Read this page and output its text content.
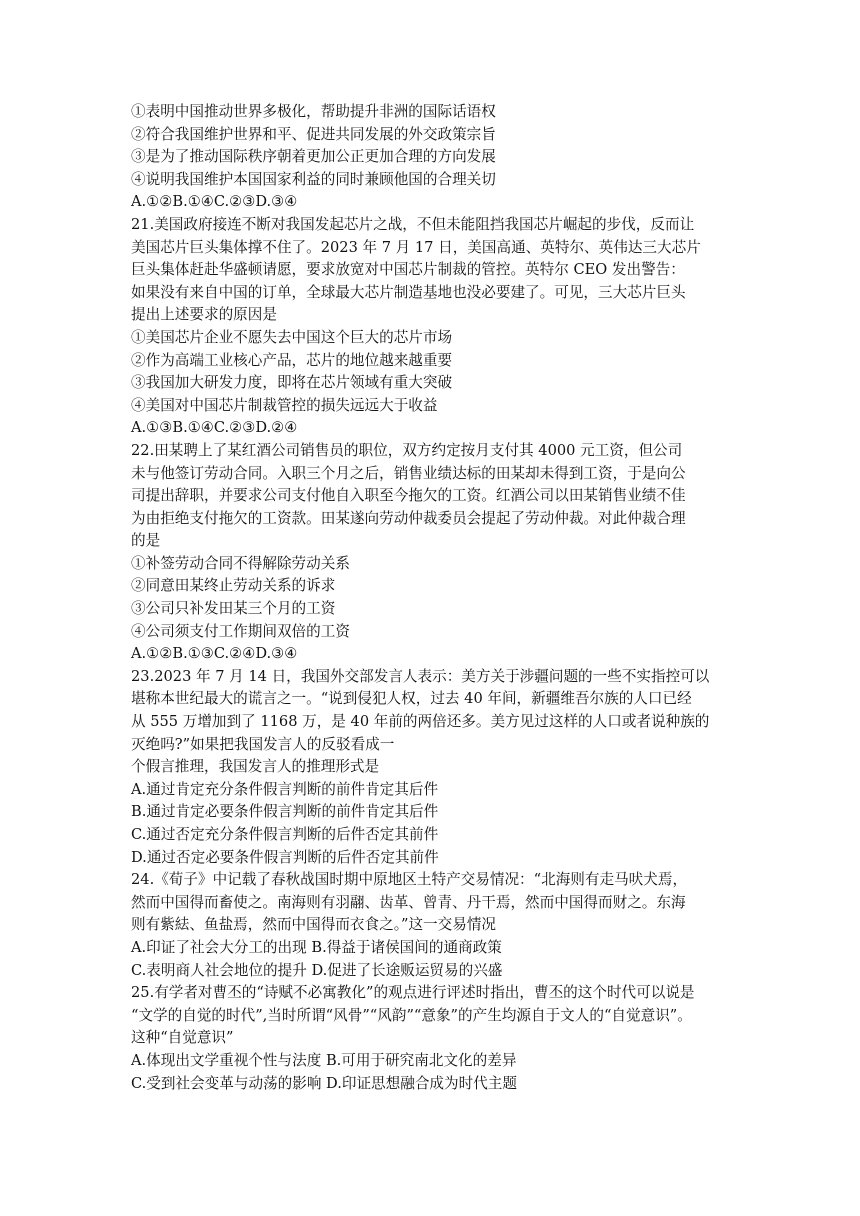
①表明中国推动世界多极化，帮助提升非洲的国际话语权
②符合我国维护世界和平、促进共同发展的外交政策宗旨
③是为了推动国际秩序朝着更加公正更加合理的方向发展
④说明我国维护本国国家利益的同时兼顾他国的合理关切
A.①②B.①④C.②③D.③④
21.美国政府接连不断对我国发起芯片之战，不但未能阻挡我国芯片崛起的步伐，反而让
美国芯片巨头集体撑不住了。2023 年 7 月 17 日，美国高通、英特尔、英伟达三大芯片
巨头集体赶赴华盛顿请愿，要求放宽对中国芯片制裁的管控。英特尔 CEO 发出警告：
如果没有来自中国的订单，全球最大芯片制造基地也没必要建了。可见，三大芯片巨头
提出上述要求的原因是
①美国芯片企业不愿失去中国这个巨大的芯片市场
②作为高端工业核心产品，芯片的地位越来越重要
③我国加大研发力度，即将在芯片领域有重大突破
④美国对中国芯片制裁管控的损失远远大于收益
A.①③B.①④C.②③D.②④
22.田某聘上了某红酒公司销售员的职位，双方约定按月支付其 4000 元工资，但公司
未与他签订劳动合同。入职三个月之后，销售业绩达标的田某却未得到工资，于是向公
司提出辞职，并要求公司支付他自入职至今拖欠的工资。红酒公司以田某销售业绩不佳
为由拒绝支付拖欠的工资款。田某遂向劳动仲裁委员会提起了劳动仲裁。对此仲裁合理
的是
①补签劳动合同不得解除劳动关系
②同意田某终止劳动关系的诉求
③公司只补发田某三个月的工资
④公司须支付工作期间双倍的工资
A.①②B.①③C.②④D.③④
23.2023 年 7 月 14 日，我国外交部发言人表示：美方关于涉疆问题的一些不实指控可以
堪称本世纪最大的谎言之一。“说到侵犯人权，过去 40 年间，新疆维吾尔族的人口已经
从 555 万增加到了 1168 万，是 40 年前的两倍还多。美方见过这样的人口或者说种族的
灭绝吗?”如果把我国发言人的反驳看成一
个假言推理，我国发言人的推理形式是
A.通过肯定充分条件假言判断的前件肯定其后件
B.通过肯定必要条件假言判断的前件肯定其后件
C.通过否定充分条件假言判断的后件否定其前件
D.通过否定必要条件假言判断的后件否定其前件
24.《荀子》中记载了春秋战国时期中原地区土特产交易情况：“北海则有走马吠犬焉，
然而中国得而畜使之。南海则有羽翮、齿革、曾青、丹干焉，然而中国得而财之。东海
则有紫紶、鱼盐焉，然而中国得而衣食之。”这一交易情况
A.印证了社会大分工的出现 B.得益于诸侯国间的通商政策
C.表明商人社会地位的提升 D.促进了长途贩运贸易的兴盛
25.有学者对曹丕的“诗赋不必寓教化”的观点进行评述时指出，曹丕的这个时代可以说是
“文学的自觉的时代”,当时所谓“风骨”“风韵”“意象”的产生均源自于文人的“自觉意识”。
这种“自觉意识”
A.体现出文学重视个性与法度 B.可用于研究南北文化的差异
C.受到社会变革与动荡的影响 D.印证思想融合成为时代主题
